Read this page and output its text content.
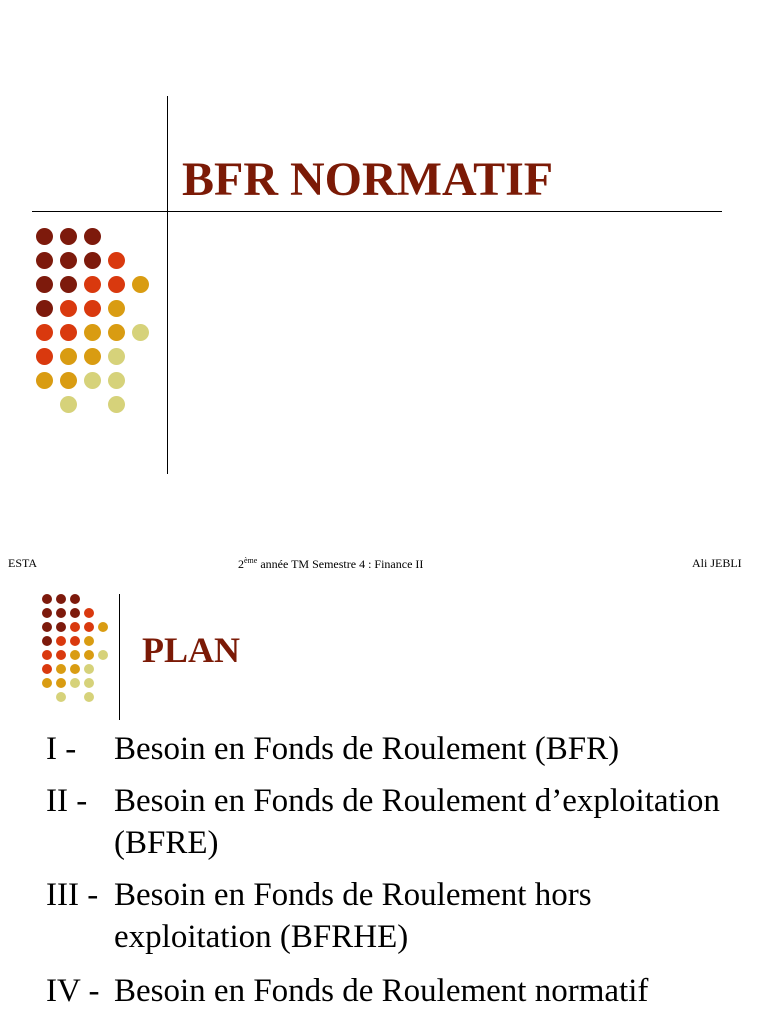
BFR NORMATIF
ESTA	2ème année TM Semestre 4 : Finance II	Ali JEBLI
PLAN
I - Besoin en Fonds de Roulement (BFR)
II - Besoin en Fonds de Roulement d’exploitation (BFRE)
III - Besoin en Fonds de Roulement hors exploitation (BFRHE)
IV - Besoin en Fonds de Roulement normatif
